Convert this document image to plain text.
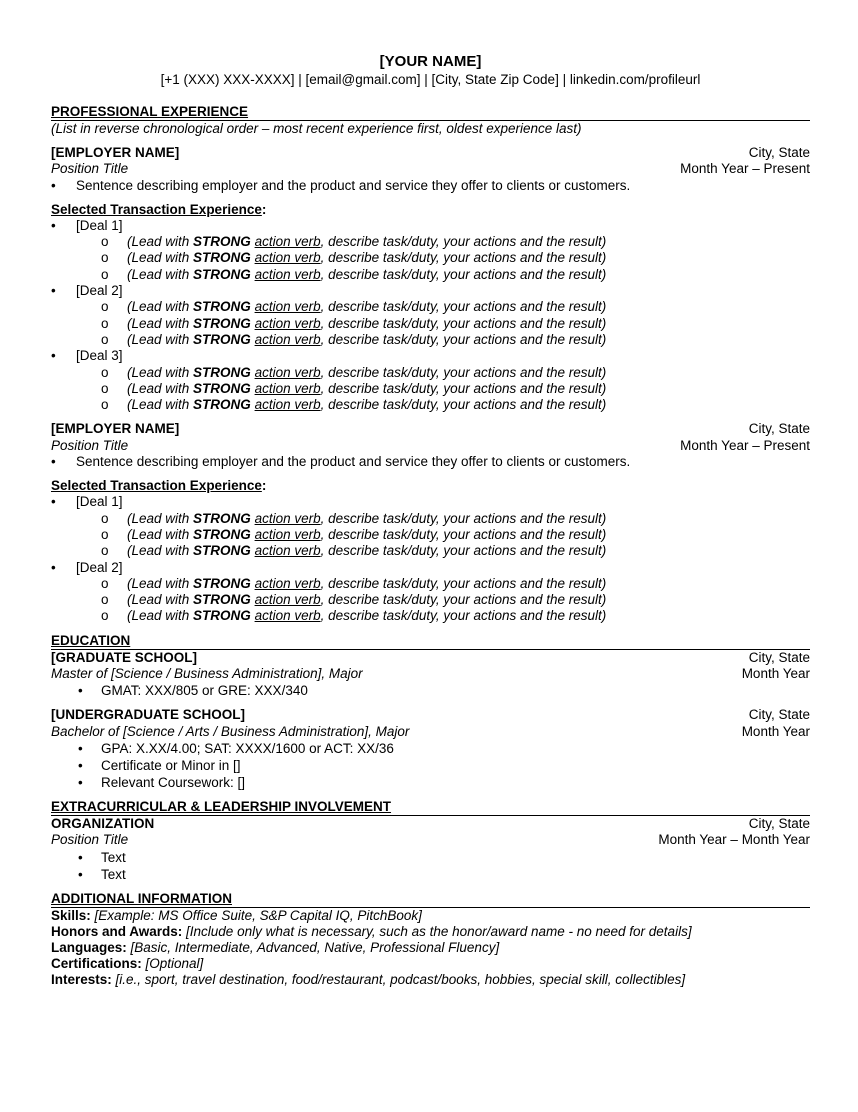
[YOUR NAME]
[+1 (XXX) XXX-XXXX] | [email@gmail.com] | [City, State Zip Code] | linkedin.com/profileurl
PROFESSIONAL EXPERIENCE
(List in reverse chronological order – most recent experience first, oldest experience last)
[EMPLOYER NAME]	City, State
Position Title	Month Year – Present
•	Sentence describing employer and the product and service they offer to clients or customers.
Selected Transaction Experience:
•	[Deal 1]
o (Lead with STRONG action verb, describe task/duty, your actions and the result)
o (Lead with STRONG action verb, describe task/duty, your actions and the result)
o (Lead with STRONG action verb, describe task/duty, your actions and the result)
•	[Deal 2]
o (Lead with STRONG action verb, describe task/duty, your actions and the result)
o (Lead with STRONG action verb, describe task/duty, your actions and the result)
o (Lead with STRONG action verb, describe task/duty, your actions and the result)
•	[Deal 3]
o (Lead with STRONG action verb, describe task/duty, your actions and the result)
o (Lead with STRONG action verb, describe task/duty, your actions and the result)
o (Lead with STRONG action verb, describe task/duty, your actions and the result)
[EMPLOYER NAME]	City, State
Position Title	Month Year – Present
•	Sentence describing employer and the product and service they offer to clients or customers.
Selected Transaction Experience:
•	[Deal 1]
o (Lead with STRONG action verb, describe task/duty, your actions and the result)
o (Lead with STRONG action verb, describe task/duty, your actions and the result)
o (Lead with STRONG action verb, describe task/duty, your actions and the result)
•	[Deal 2]
o (Lead with STRONG action verb, describe task/duty, your actions and the result)
o (Lead with STRONG action verb, describe task/duty, your actions and the result)
o (Lead with STRONG action verb, describe task/duty, your actions and the result)
EDUCATION
[GRADUATE SCHOOL]	City, State
Master of [Science / Business Administration], Major	Month Year
• GMAT: XXX/805 or GRE: XXX/340
[UNDERGRADUATE SCHOOL]	City, State
Bachelor of [Science / Arts / Business Administration], Major	Month Year
• GPA: X.XX/4.00; SAT: XXXX/1600 or ACT: XX/36
• Certificate or Minor in []
• Relevant Coursework: []
EXTRACURRICULAR & LEADERSHIP INVOLVEMENT
ORGANIZATION	City, State
Position Title	Month Year – Month Year
• Text
• Text
ADDITIONAL INFORMATION
Skills: [Example: MS Office Suite, S&P Capital IQ, PitchBook]
Honors and Awards: [Include only what is necessary, such as the honor/award name - no need for details]
Languages: [Basic, Intermediate, Advanced, Native, Professional Fluency]
Certifications: [Optional]
Interests: [i.e., sport, travel destination, food/restaurant, podcast/books, hobbies, special skill, collectibles]
